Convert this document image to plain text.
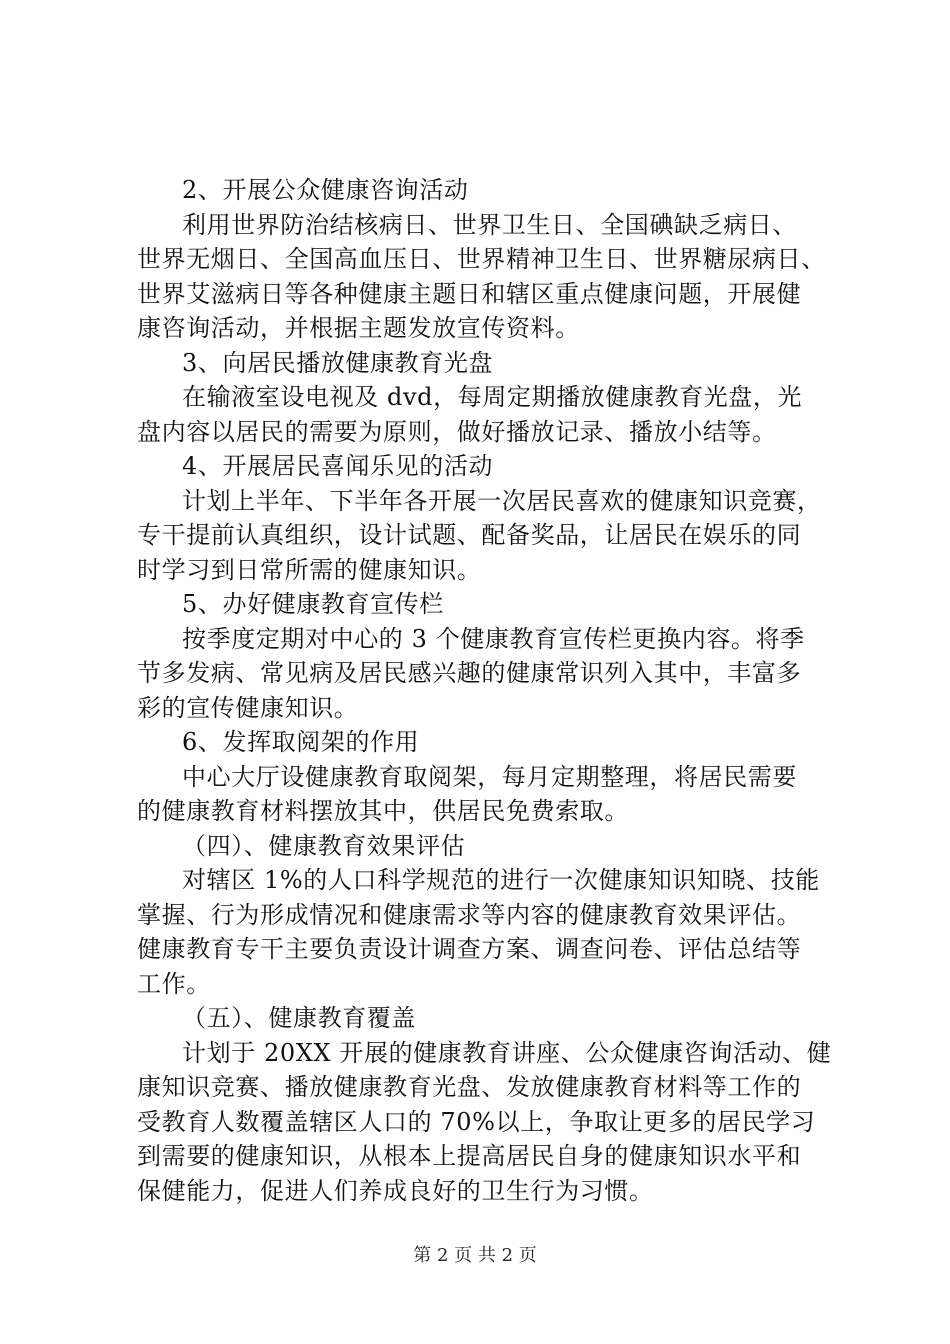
2、开展公众健康咨询活动
利用世界防治结核病日、世界卫生日、全国碘缺乏病日、
世界无烟日、全国高血压日、世界精神卫生日、世界糖尿病日、
世界艾滋病日等各种健康主题日和辖区重点健康问题，开展健
康咨询活动，并根据主题发放宣传资料。
3、向居民播放健康教育光盘
在输液室设电视及 dvd，每周定期播放健康教育光盘，光
盘内容以居民的需要为原则，做好播放记录、播放小结等。
4、开展居民喜闻乐见的活动
计划上半年、下半年各开展一次居民喜欢的健康知识竞赛，
专干提前认真组织，设计试题、配备奖品，让居民在娱乐的同
时学习到日常所需的健康知识。
5、办好健康教育宣传栏
按季度定期对中心的 3 个健康教育宣传栏更换内容。将季
节多发病、常见病及居民感兴趣的健康常识列入其中，丰富多
彩的宣传健康知识。
6、发挥取阅架的作用
中心大厅设健康教育取阅架，每月定期整理，将居民需要
的健康教育材料摆放其中，供居民免费索取。
（四）、健康教育效果评估
对辖区 1%的人口科学规范的进行一次健康知识知晓、技能
掌握、行为形成情况和健康需求等内容的健康教育效果评估。
健康教育专干主要负责设计调查方案、调查问卷、评估总结等
工作。
（五）、健康教育覆盖
计划于 20XX 开展的健康教育讲座、公众健康咨询活动、健
康知识竞赛、播放健康教育光盘、发放健康教育材料等工作的
受教育人数覆盖辖区人口的 70%以上，争取让更多的居民学习
到需要的健康知识，从根本上提高居民自身的健康知识水平和
保健能力，促进人们养成良好的卫生行为习惯。
第 2 页 共 2 页
